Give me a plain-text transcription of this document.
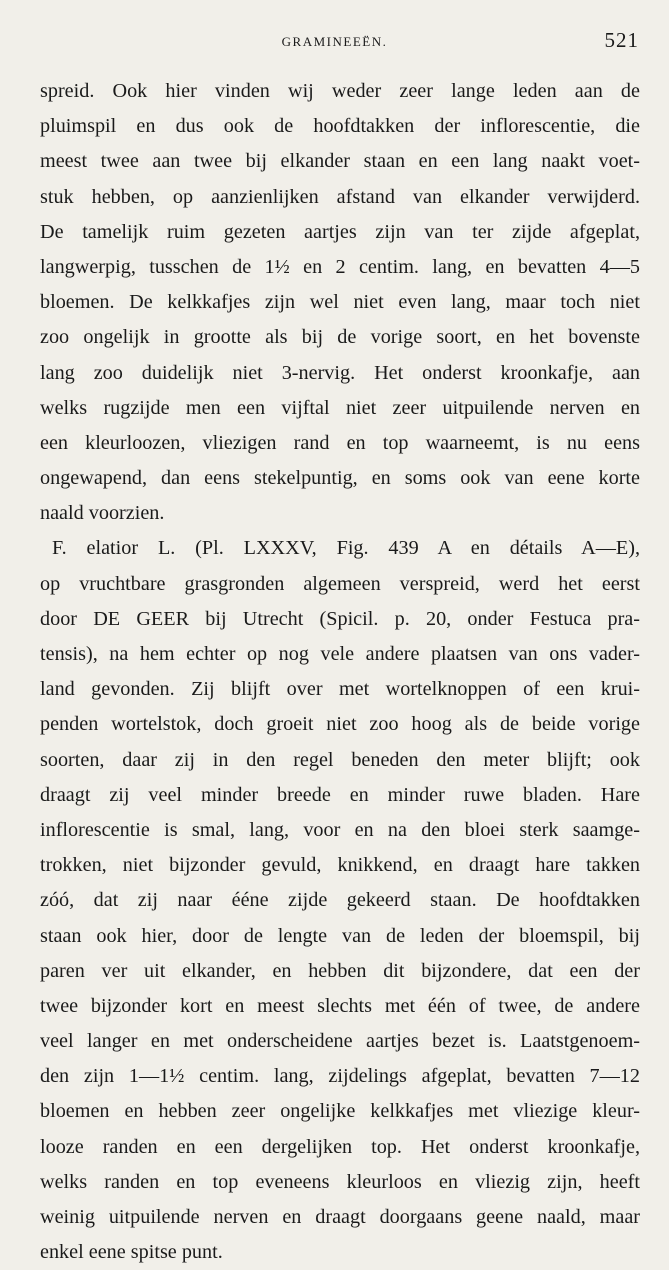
GRAMINEEËN.	521
spreid. Ook hier vinden wij weder zeer lange leden aan de
pluimspil en dus ook de hoofdtakken der inflorescentie, die
meest twee aan twee bij elkander staan en een lang naakt voet-
stuk hebben, op aanzienlijken afstand van elkander verwijderd.
De tamelijk ruim gezeten aartjes zijn van ter zijde afgeplat,
langwerpig, tusschen de 1½ en 2 centim. lang, en bevatten 4—5
bloemen. De kelkkafjes zijn wel niet even lang, maar toch niet
zoo ongelijk in grootte als bij de vorige soort, en het bovenste
lang zoo duidelijk niet 3-nervig. Het onderst kroonkafje, aan
welks rugzijde men een vijftal niet zeer uitpuilende nerven en
een kleurloozen, vliezigen rand en top waarneemt, is nu eens
ongewapend, dan eens stekelpuntig, en soms ook van eene korte
naald voorzien.
F. elatior L. (Pl. LXXXV, Fig. 439 A en détails A—E),
op vruchtbare grasgronden algemeen verspreid, werd het eerst
door DE GEER bij Utrecht (Spicil. p. 20, onder Festuca pra-
tensis), na hem echter op nog vele andere plaatsen van ons vader-
land gevonden. Zij blijft over met wortelknoppen of een krui-
penden wortelstok, doch groeit niet zoo hoog als de beide vorige
soorten, daar zij in den regel beneden den meter blijft; ook
draagt zij veel minder breede en minder ruwe bladen. Hare
inflorescentie is smal, lang, voor en na den bloei sterk saamge-
trokken, niet bijzonder gevuld, knikkend, en draagt hare takken
zóó, dat zij naar ééne zijde gekeerd staan. De hoofdtakken
staan ook hier, door de lengte van de leden der bloemspil, bij
paren ver uit elkander, en hebben dit bijzondere, dat een der
twee bijzonder kort en meest slechts met één of twee, de andere
veel langer en met onderscheidene aartjes bezet is. Laatstgenoem-
den zijn 1—1½ centim. lang, zijdelings afgeplat, bevatten 7—12
bloemen en hebben zeer ongelijke kelkkafjes met vliezige kleur-
looze randen en een dergelijken top. Het onderst kroonkafje,
welks randen en top eveneens kleurloos en vliezig zijn, heeft
weinig uitpuilende nerven en draagt doorgaans geene naald, maar
enkel eene spitse punt.
